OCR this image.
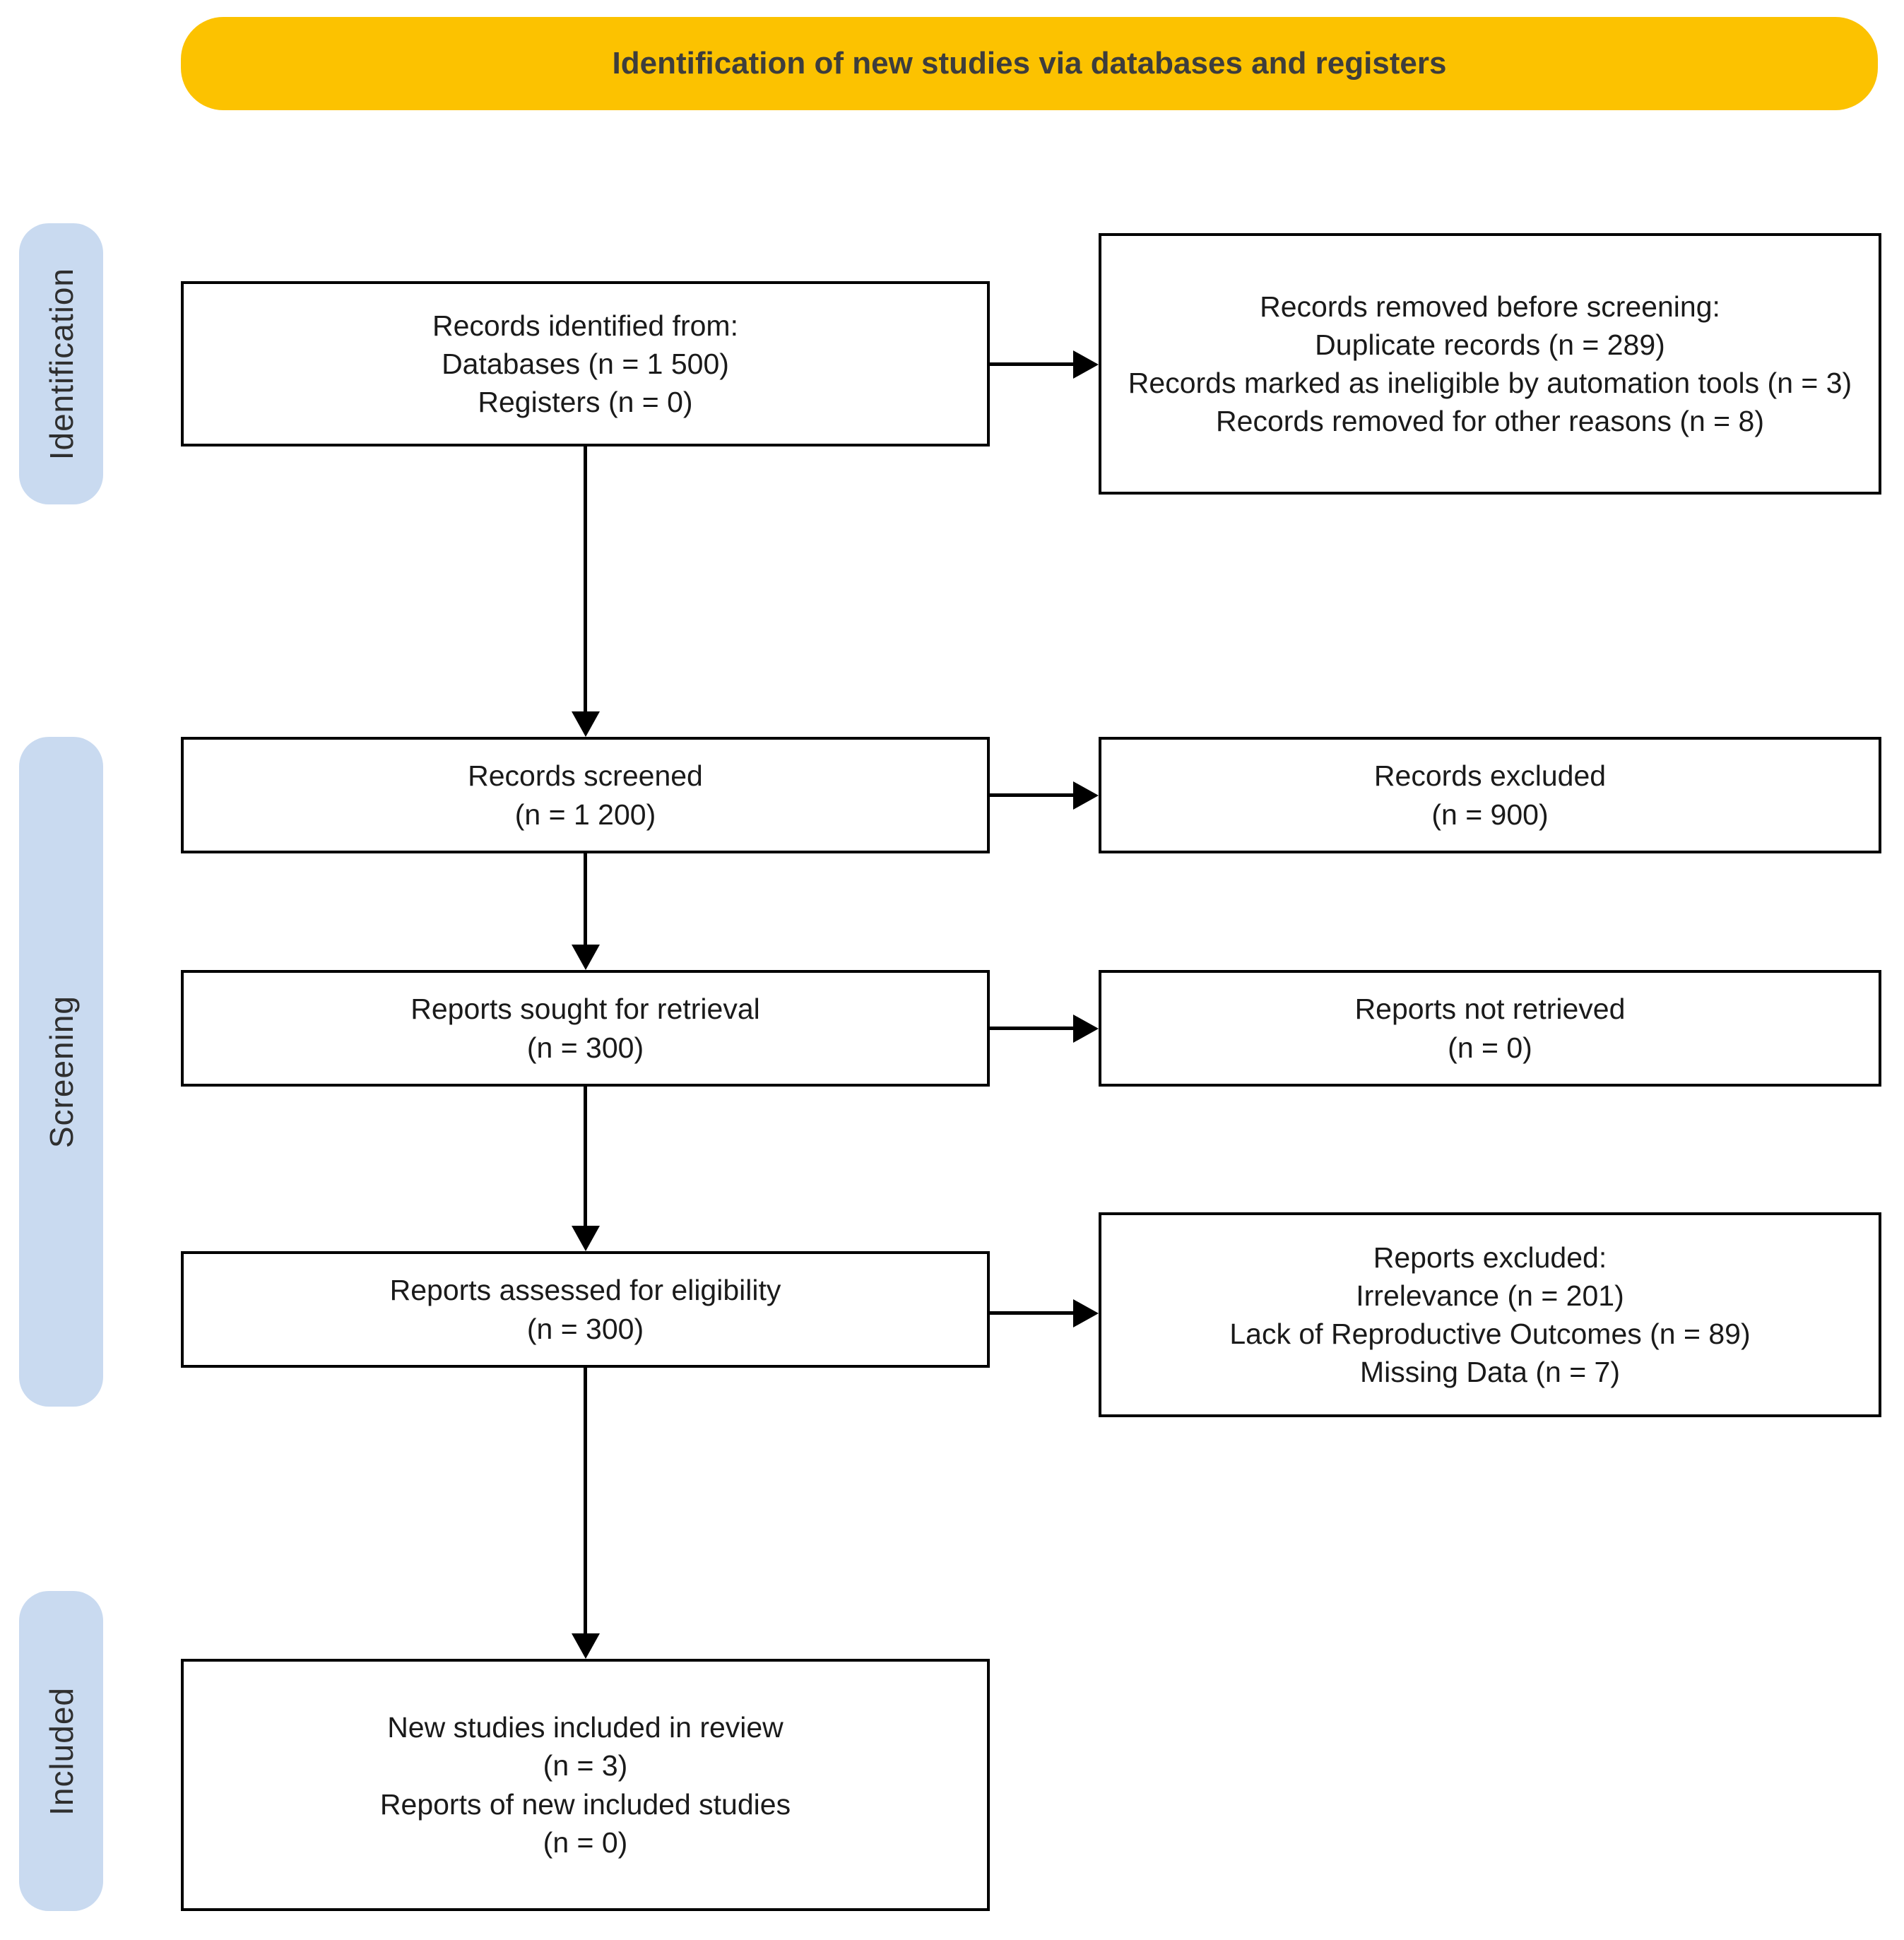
Identification of new studies via databases and registers
Identification
Screening
Included
Records identified from:
Databases (n = 1 500)
Registers (n = 0)
Records removed before screening:
Duplicate records (n = 289)
Records marked as ineligible by automation tools (n = 3)
Records removed for other reasons (n = 8)
Records screened
(n = 1 200)
Records excluded
(n = 900)
Reports sought for retrieval
(n = 300)
Reports not retrieved
(n = 0)
Reports assessed for eligibility
(n = 300)
Reports excluded:
Irrelevance (n = 201)
Lack of Reproductive Outcomes (n = 89)
Missing Data (n = 7)
New studies included in review
(n = 3)
Reports of new included studies
(n = 0)
